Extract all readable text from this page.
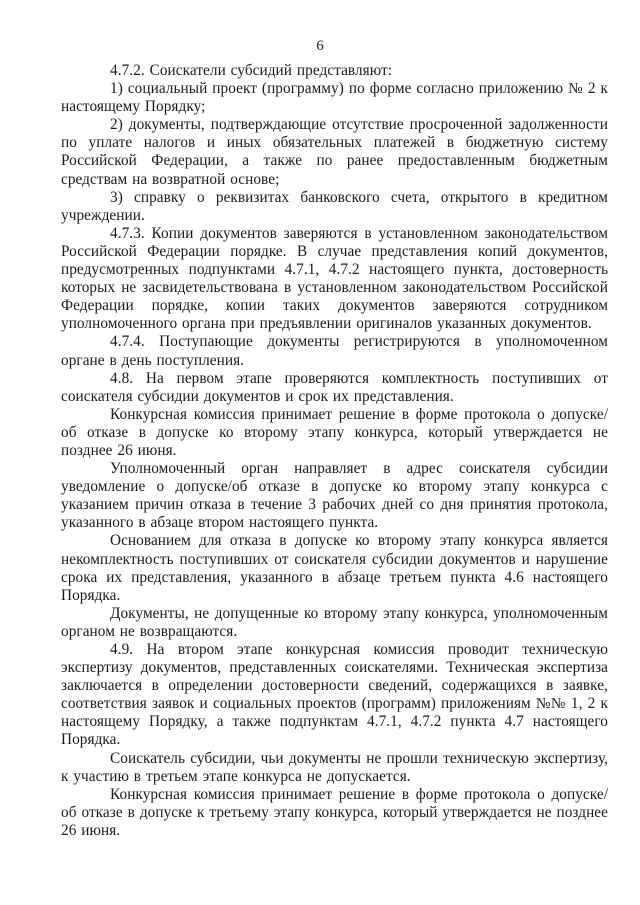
6

4.7.2. Соискатели субсидий представляют:

1) социальный проект (программу) по форме согласно приложению № 2 к настоящему Порядку;

2) документы, подтверждающие отсутствие просроченной задолженности по уплате налогов и иных обязательных платежей в бюджетную систему Российской Федерации, а также по ранее предоставленным бюджетным средствам на возвратной основе;

3) справку о реквизитах банковского счета, открытого в кредитном учреждении.

4.7.3. Копии документов заверяются в установленном законодательством Российской Федерации порядке. В случае представления копий документов, предусмотренных подпунктами 4.7.1, 4.7.2 настоящего пункта, достоверность которых не засвидетельствована в установленном законодательством Российской Федерации порядке, копии таких документов заверяются сотрудником уполномоченного органа при предъявлении оригиналов указанных документов.

4.7.4. Поступающие документы регистрируются в уполномоченном органе в день поступления.

4.8. На первом этапе проверяются комплектность поступивших от соискателя субсидии документов и срок их представления.

Конкурсная комиссия принимает решение в форме протокола о допуске/ об отказе в допуске ко второму этапу конкурса, который утверждается не позднее 26 июня.

Уполномоченный орган направляет в адрес соискателя субсидии уведомление о допуске/об отказе в допуске ко второму этапу конкурса с указанием причин отказа в течение 3 рабочих дней со дня принятия протокола, указанного в абзаце втором настоящего пункта.

Основанием для отказа в допуске ко второму этапу конкурса является некомплектность поступивших от соискателя субсидии документов и нарушение срока их представления, указанного в абзаце третьем пункта 4.6 настоящего Порядка.

Документы, не допущенные ко второму этапу конкурса, уполномоченным органом не возвращаются.

4.9. На втором этапе конкурсная комиссия проводит техническую экспертизу документов, представленных соискателями. Техническая экспертиза заключается в определении достоверности сведений, содержащихся в заявке, соответствия заявок и социальных проектов (программ) приложениям №№ 1, 2 к настоящему Порядку, а также подпунктам 4.7.1, 4.7.2 пункта 4.7 настоящего Порядка.

Соискатель субсидии, чьи документы не прошли техническую экспертизу, к участию в третьем этапе конкурса не допускается.

Конкурсная комиссия принимает решение в форме протокола о допуске/ об отказе в допуске к третьему этапу конкурса, который утверждается не позднее 26 июня.
